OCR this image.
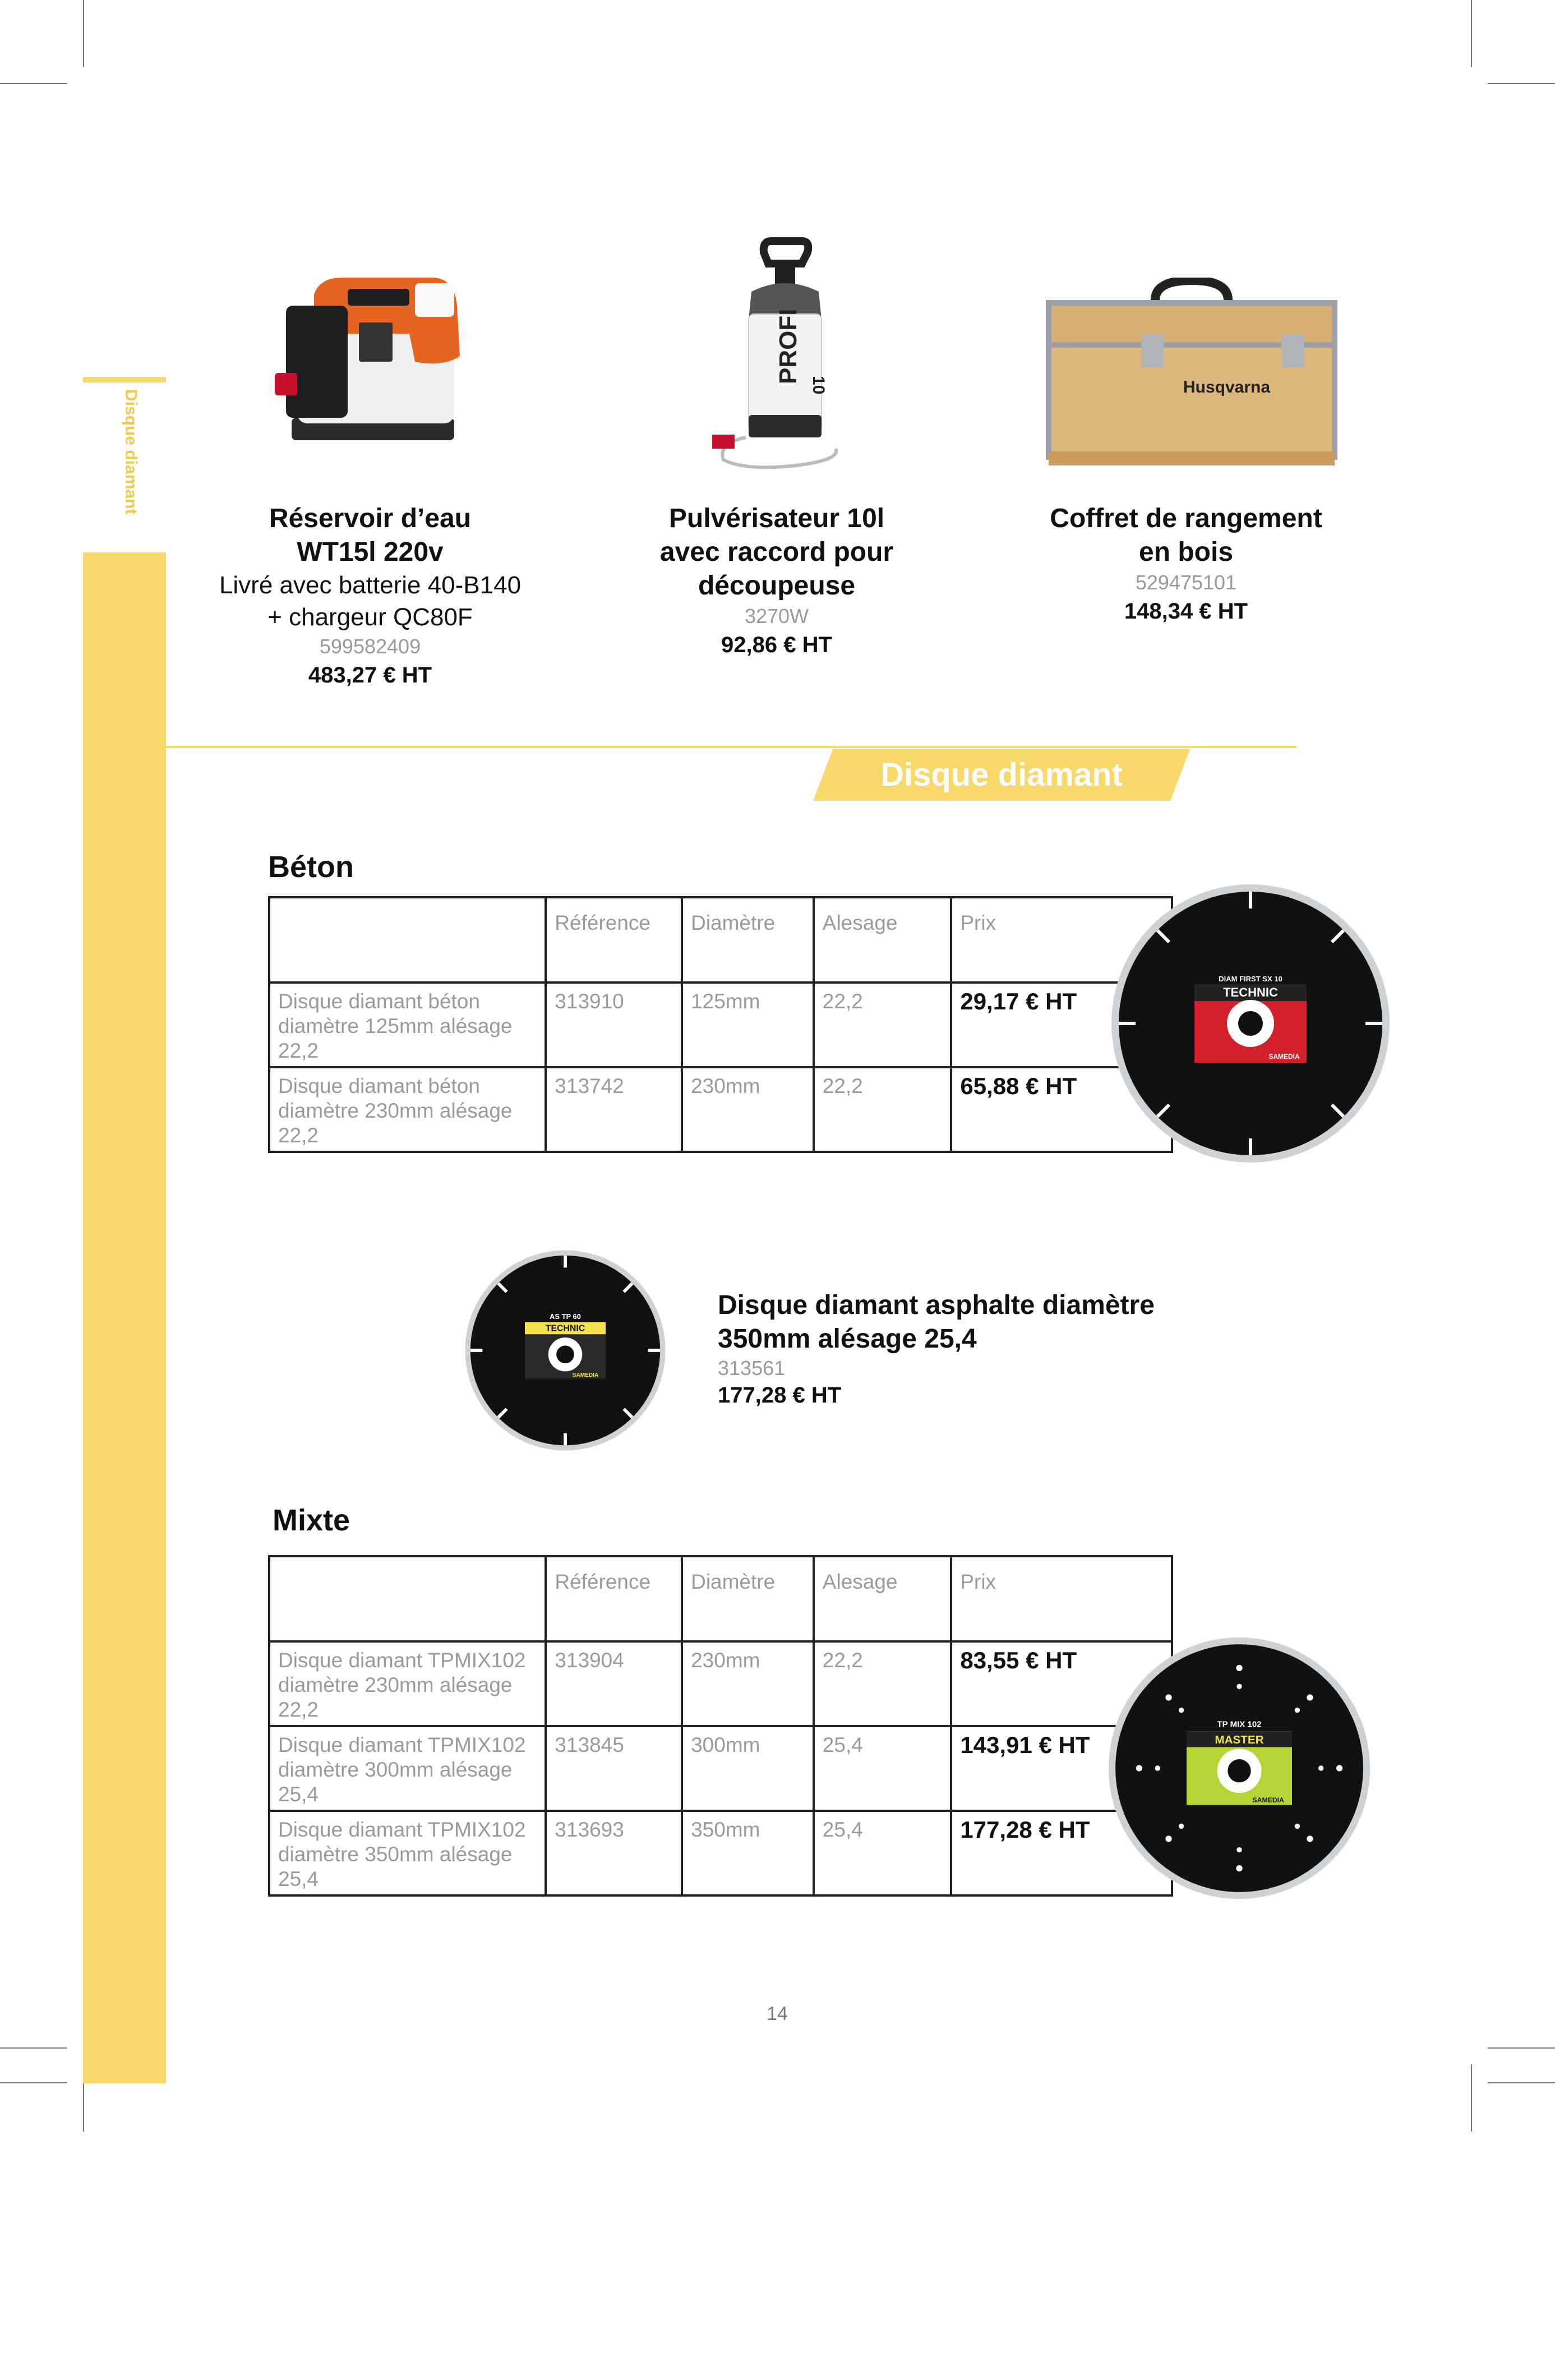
Disque diamant
Accessoires et consommables matériels
PROFI
10	Husqvarna
Réservoir d’eau
WT15l 220v
Livré avec batterie 40-B140
+ chargeur QC80F
599582409
483,27 € HT
Pulvérisateur 10l
avec raccord pour
découpeuse
3270W
92,86 € HT
Coffret de rangement
en bois
529475101
148,34 € HT
Disque diamant
Béton
	Référence	Diamètre	Alesage	Prix
Disque diamant béton diamètre 125mm alésage 22,2	313910	125mm	22,2	29,17 € HT
Disque diamant béton diamètre 230mm alésage 22,2	313742	230mm	22,2	65,88 € HT
DIAM FIRST SX 10
TECHNIC
SAMEDIA
AS TP 60
TECHNIC
SAMEDIA
Disque diamant asphalte diamètre
350mm alésage 25,4
313561
177,28 € HT
Mixte
	Référence	Diamètre	Alesage	Prix
Disque diamant TPMIX102 diamètre 230mm alésage 22,2	313904	230mm	22,2	83,55 € HT
Disque diamant TPMIX102 diamètre 300mm alésage 25,4	313845	300mm	25,4	143,91 € HT
Disque diamant TPMIX102 diamètre 350mm alésage 25,4	313693	350mm	25,4	177,28 € HT
TP MIX 102
MASTER
SAMEDIA
14
